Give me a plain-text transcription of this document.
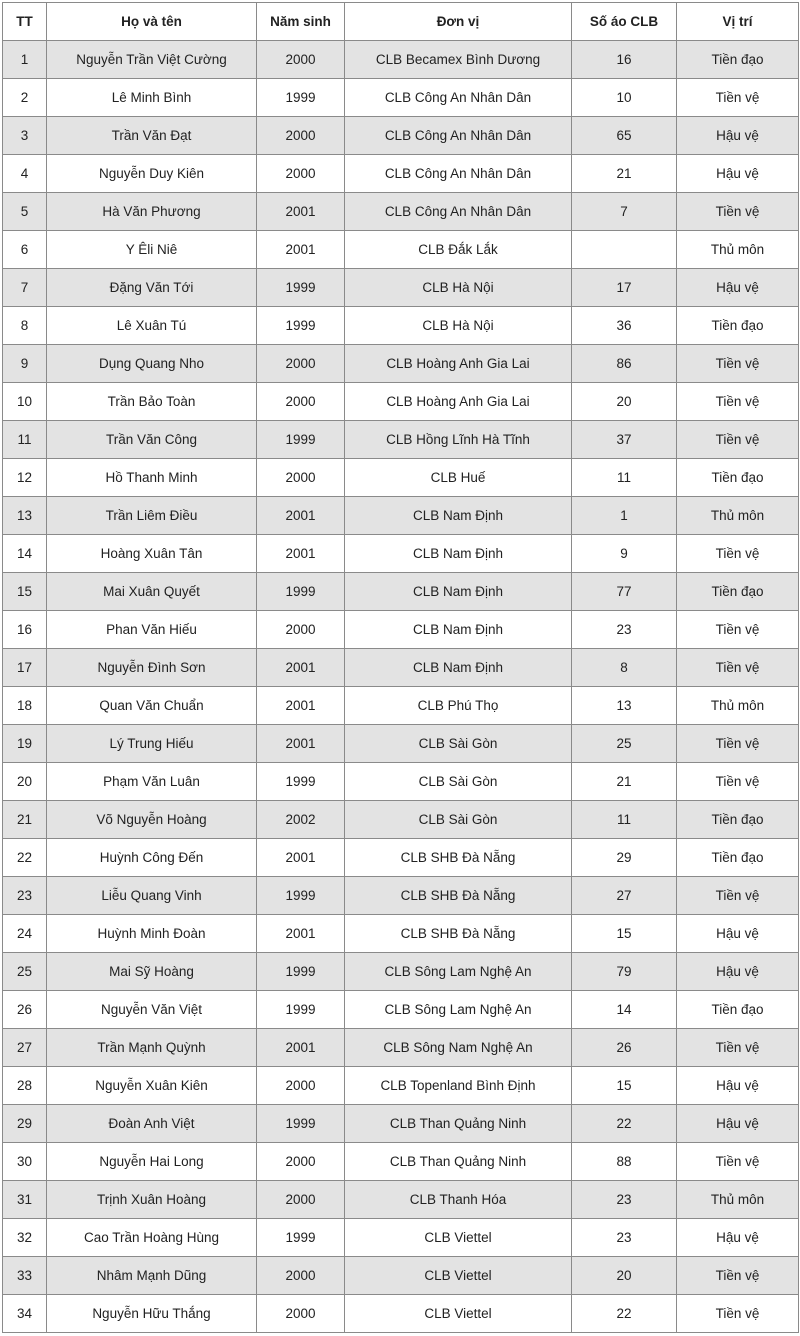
TT	Họ và tên	Năm sinh	Đơn vị	Số áo CLB	Vị trí
1	Nguyễn Trần Việt Cường	2000	CLB Becamex Bình Dương	16	Tiền đạo
2	Lê Minh Bình	1999	CLB Công An Nhân Dân	10	Tiền vệ
3	Trần Văn Đạt	2000	CLB Công An Nhân Dân	65	Hậu vệ
4	Nguyễn Duy Kiên	2000	CLB Công An Nhân Dân	21	Hậu vệ
5	Hà Văn Phương	2001	CLB Công An Nhân Dân	7	Tiền vệ
6	Y Êli Niê	2001	CLB Đắk Lắk		Thủ môn
7	Đặng Văn Tới	1999	CLB Hà Nội	17	Hậu vệ
8	Lê Xuân Tú	1999	CLB Hà Nội	36	Tiền đạo
9	Dụng Quang Nho	2000	CLB Hoàng Anh Gia Lai	86	Tiền vệ
10	Trần Bảo Toàn	2000	CLB Hoàng Anh Gia Lai	20	Tiền vệ
11	Trần Văn Công	1999	CLB Hồng Lĩnh Hà Tĩnh	37	Tiền vệ
12	Hồ Thanh Minh	2000	CLB Huế	11	Tiền đạo
13	Trần Liêm Điều	2001	CLB Nam Định	1	Thủ môn
14	Hoàng Xuân Tân	2001	CLB Nam Định	9	Tiền vệ
15	Mai Xuân Quyết	1999	CLB Nam Định	77	Tiền đạo
16	Phan Văn Hiếu	2000	CLB Nam Định	23	Tiền vệ
17	Nguyễn Đình Sơn	2001	CLB Nam Định	8	Tiền vệ
18	Quan Văn Chuẩn	2001	CLB Phú Thọ	13	Thủ môn
19	Lý Trung Hiếu	2001	CLB Sài Gòn	25	Tiền vệ
20	Phạm Văn Luân	1999	CLB Sài Gòn	21	Tiền vệ
21	Võ Nguyễn Hoàng	2002	CLB Sài Gòn	11	Tiền đạo
22	Huỳnh Công Đến	2001	CLB SHB Đà Nẵng	29	Tiền đạo
23	Liễu Quang Vinh	1999	CLB SHB Đà Nẵng	27	Tiền vệ
24	Huỳnh Minh Đoàn	2001	CLB SHB Đà Nẵng	15	Hậu vệ
25	Mai Sỹ Hoàng	1999	CLB Sông Lam Nghệ An	79	Hậu vệ
26	Nguyễn Văn Việt	1999	CLB Sông Lam Nghệ An	14	Tiền đạo
27	Trần Mạnh Quỳnh	2001	CLB Sông Nam Nghệ An	26	Tiền vệ
28	Nguyễn Xuân Kiên	2000	CLB Topenland Bình Định	15	Hậu vệ
29	Đoàn Anh Việt	1999	CLB Than Quảng Ninh	22	Hậu vệ
30	Nguyễn Hai Long	2000	CLB Than Quảng Ninh	88	Tiền vệ
31	Trịnh Xuân Hoàng	2000	CLB Thanh Hóa	23	Thủ môn
32	Cao Trần Hoàng Hùng	1999	CLB Viettel	23	Hậu vệ
33	Nhâm Mạnh Dũng	2000	CLB Viettel	20	Tiền vệ
34	Nguyễn Hữu Thắng	2000	CLB Viettel	22	Tiền vệ
